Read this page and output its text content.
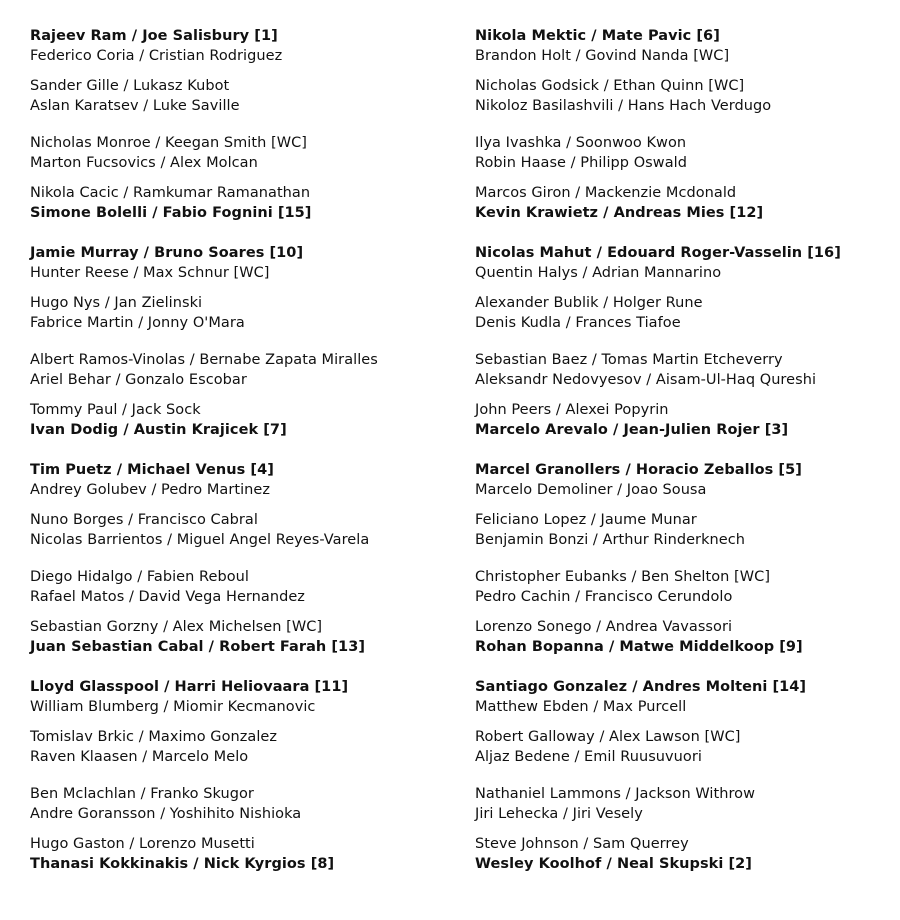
Rajeev Ram / Joe Salisbury [1]
Federico Coria / Cristian Rodriguez
Sander Gille / Lukasz Kubot
Aslan Karatsev / Luke Saville
Nicholas Monroe / Keegan Smith [WC]
Marton Fucsovics / Alex Molcan
Nikola Cacic / Ramkumar Ramanathan
Simone Bolelli / Fabio Fognini [15]
Jamie Murray / Bruno Soares [10]
Hunter Reese / Max Schnur [WC]
Hugo Nys / Jan Zielinski
Fabrice Martin / Jonny O'Mara
Albert Ramos-Vinolas / Bernabe Zapata Miralles
Ariel Behar / Gonzalo Escobar
Tommy Paul / Jack Sock
Ivan Dodig / Austin Krajicek [7]
Tim Puetz / Michael Venus [4]
Andrey Golubev / Pedro Martinez
Nuno Borges / Francisco Cabral
Nicolas Barrientos / Miguel Angel Reyes-Varela
Diego Hidalgo / Fabien Reboul
Rafael Matos / David Vega Hernandez
Sebastian Gorzny / Alex Michelsen [WC]
Juan Sebastian Cabal / Robert Farah [13]
Lloyd Glasspool / Harri Heliovaara [11]
William Blumberg / Miomir Kecmanovic
Tomislav Brkic / Maximo Gonzalez
Raven Klaasen / Marcelo Melo
Ben Mclachlan / Franko Skugor
Andre Goransson / Yoshihito Nishioka
Hugo Gaston / Lorenzo Musetti
Thanasi Kokkinakis / Nick Kyrgios [8]
Nikola Mektic / Mate Pavic [6]
Brandon Holt / Govind Nanda [WC]
Nicholas Godsick / Ethan Quinn [WC]
Nikoloz Basilashvili / Hans Hach Verdugo
Ilya Ivashka / Soonwoo Kwon
Robin Haase / Philipp Oswald
Marcos Giron / Mackenzie Mcdonald
Kevin Krawietz / Andreas Mies [12]
Nicolas Mahut / Edouard Roger-Vasselin [16]
Quentin Halys / Adrian Mannarino
Alexander Bublik / Holger Rune
Denis Kudla / Frances Tiafoe
Sebastian Baez / Tomas Martin Etcheverry
Aleksandr Nedovyesov / Aisam-Ul-Haq Qureshi
John Peers / Alexei Popyrin
Marcelo Arevalo / Jean-Julien Rojer [3]
Marcel Granollers / Horacio Zeballos [5]
Marcelo Demoliner / Joao Sousa
Feliciano Lopez / Jaume Munar
Benjamin Bonzi / Arthur Rinderknech
Christopher Eubanks / Ben Shelton [WC]
Pedro Cachin / Francisco Cerundolo
Lorenzo Sonego / Andrea Vavassori
Rohan Bopanna / Matwe Middelkoop [9]
Santiago Gonzalez / Andres Molteni [14]
Matthew Ebden / Max Purcell
Robert Galloway / Alex Lawson [WC]
Aljaz Bedene / Emil Ruusuvuori
Nathaniel Lammons / Jackson Withrow
Jiri Lehecka / Jiri Vesely
Steve Johnson / Sam Querrey
Wesley Koolhof / Neal Skupski [2]
